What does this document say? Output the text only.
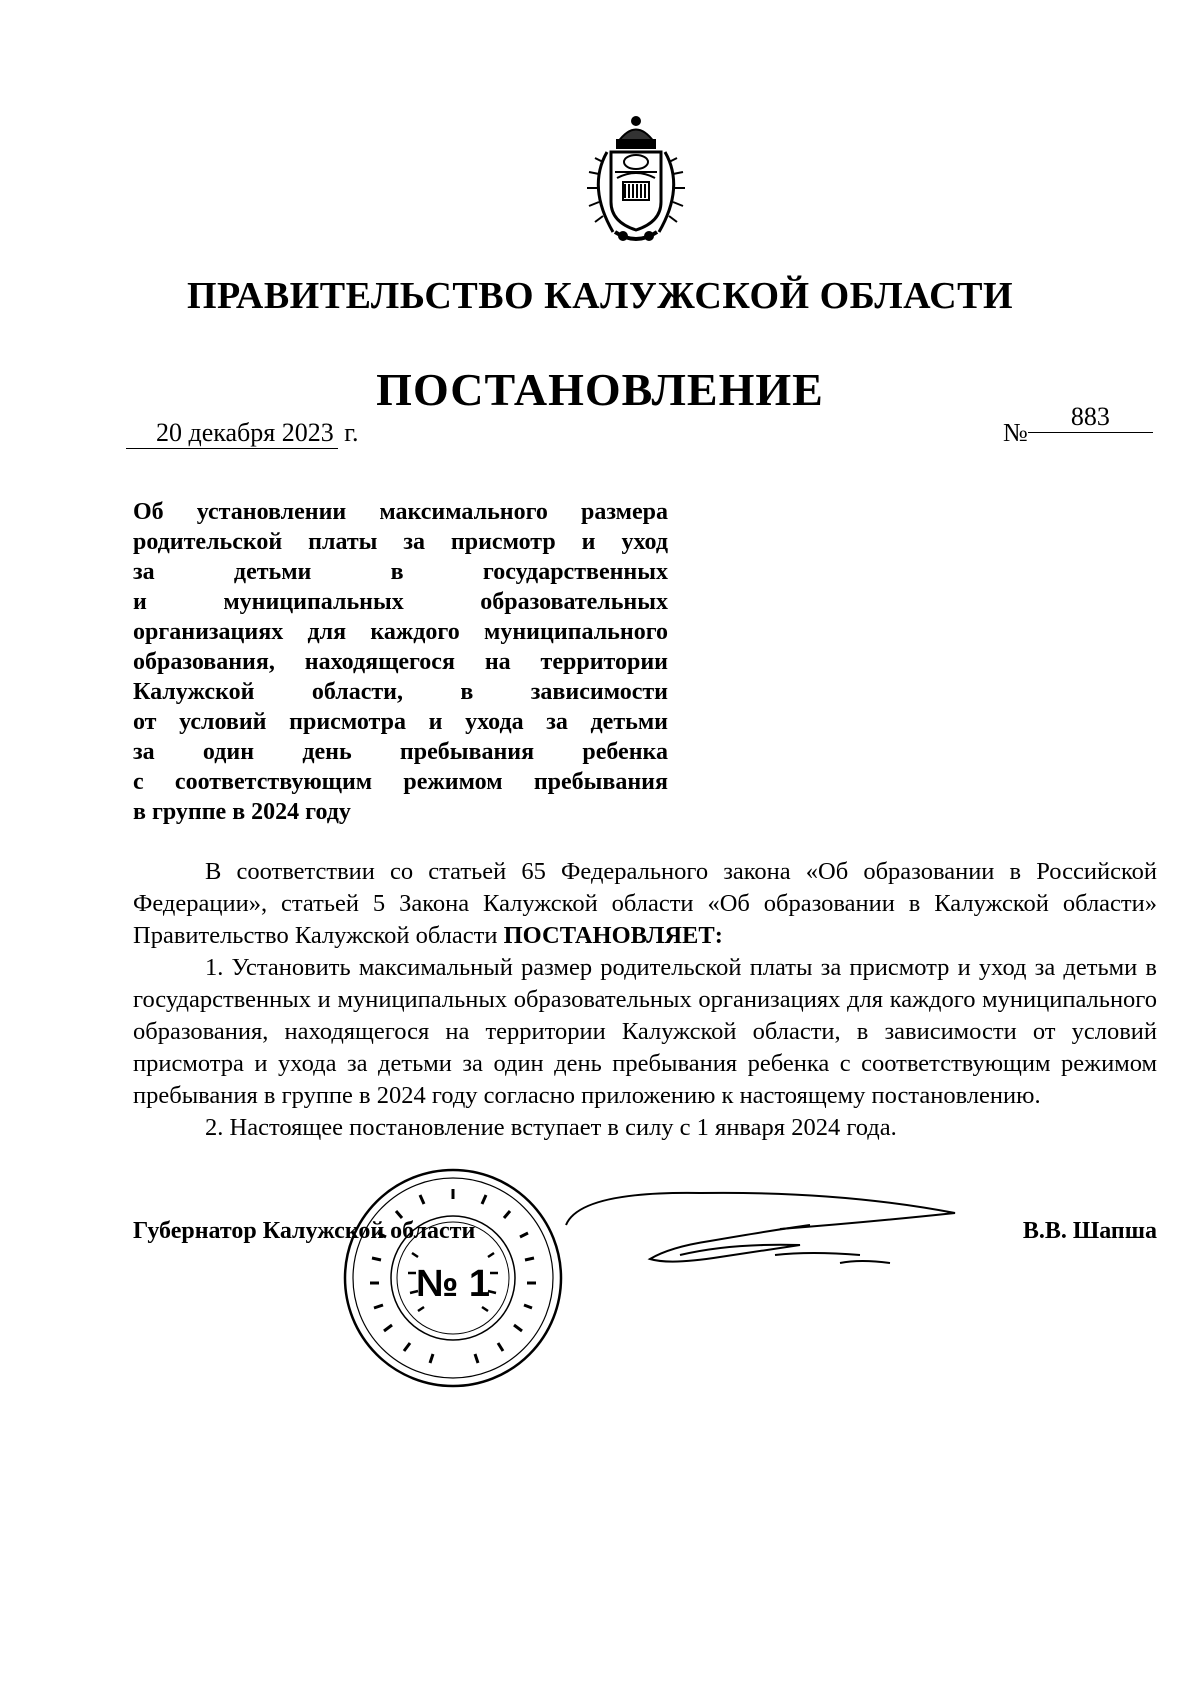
ПРАВИТЕЛЬСТВО КАЛУЖСКОЙ ОБЛАСТИ
ПОСТАНОВЛЕНИЕ
20 декабря 2023 г.	№883
Об установлении максимального размера
родительской платы за присмотр и уход
за детьми в государственных
и муниципальных образовательных
организациях для каждого муниципального
образования, находящегося на территории
Калужской области, в зависимости
от условий присмотра и ухода за детьми
за один день пребывания ребенка
с соответствующим режимом пребывания
в группе в 2024 году

В соответствии со статьей 65 Федерального закона «Об образовании в Российской Федерации», статьей 5 Закона Калужской области «Об образовании в Калужской области» Правительство Калужской области ПОСТАНОВЛЯЕТ:

1. Установить максимальный размер родительской платы за присмотр и уход за детьми в государственных и муниципальных образовательных организациях для каждого муниципального образования, находящегося на территории Калужской области, в зависимости от условий присмотра и ухода за детьми за один день пребывания ребенка с соответствующим режимом пребывания в группе в 2024 году согласно приложению к настоящему постановлению.

2. Настоящее постановление вступает в силу с 1 января 2024 года.

Губернатор Калужской области	В.В. Шапша
№ 1
